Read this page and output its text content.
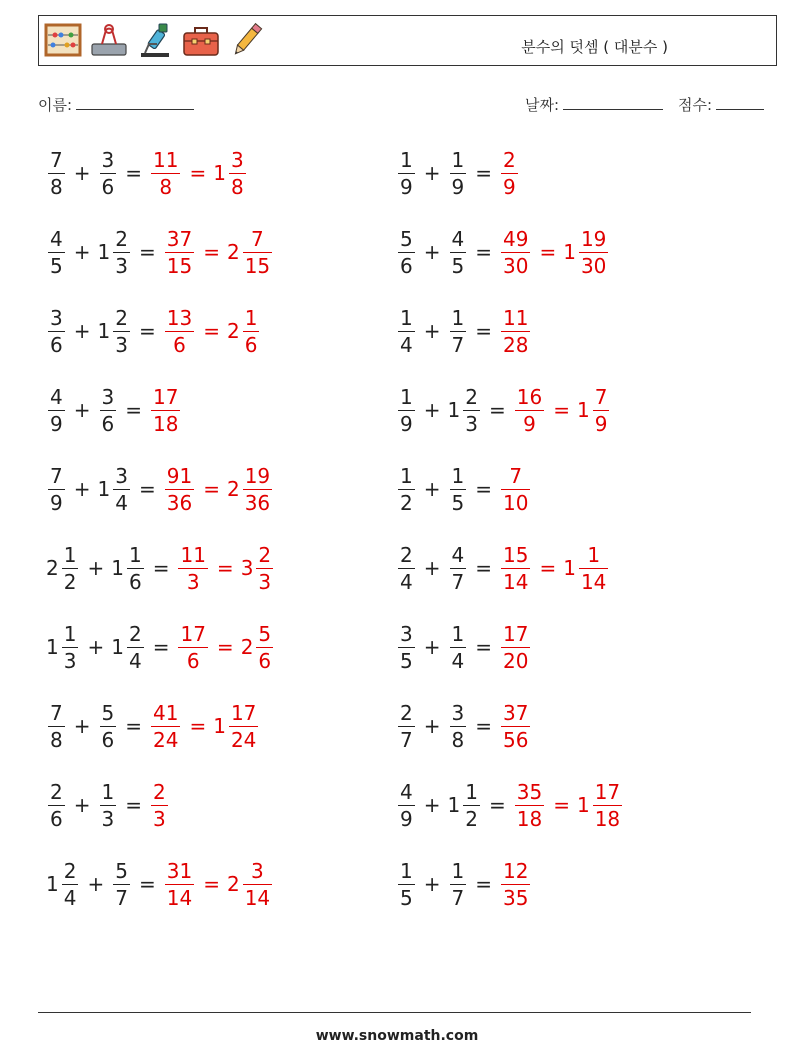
분수의 덧셈 ( 대분수 )
이름:	날짜:	점수:
$\frac{7}{8} + \frac{3}{6} = \frac{11}{8} = 1 \frac{3}{8}$	$\frac{1}{9} + \frac{1}{9} = \frac{2}{9}$
$\frac{4}{5} + 1 \frac{2}{3} = \frac{37}{15} = 2 \frac{7}{15}$	$\frac{5}{6} + \frac{4}{5} = \frac{49}{30} = 1 \frac{19}{30}$
$\frac{3}{6} + 1 \frac{2}{3} = \frac{13}{6} = 2 \frac{1}{6}$	$\frac{1}{4} + \frac{1}{7} = \frac{11}{28}$
$\frac{4}{9} + \frac{3}{6} = \frac{17}{18}$	$\frac{1}{9} + 1 \frac{2}{3} = \frac{16}{9} = 1 \frac{7}{9}$
$\frac{7}{9} + 1 \frac{3}{4} = \frac{91}{36} = 2 \frac{19}{36}$	$\frac{1}{2} + \frac{1}{5} = \frac{7}{10}$
$2 \frac{1}{2} + 1 \frac{1}{6} = \frac{11}{3} = 3 \frac{2}{3}$	$\frac{2}{4} + \frac{4}{7} = \frac{15}{14} = 1 \frac{1}{14}$
$1 \frac{1}{3} + 1 \frac{2}{4} = \frac{17}{6} = 2 \frac{5}{6}$	$\frac{3}{5} + \frac{1}{4} = \frac{17}{20}$
$\frac{7}{8} + \frac{5}{6} = \frac{41}{24} = 1 \frac{17}{24}$	$\frac{2}{7} + \frac{3}{8} = \frac{37}{56}$
$\frac{2}{6} + \frac{1}{3} = \frac{2}{3}$	$\frac{4}{9} + 1 \frac{1}{2} = \frac{35}{18} = 1 \frac{17}{18}$
$1 \frac{2}{4} + \frac{5}{7} = \frac{31}{14} = 2 \frac{3}{14}$	$\frac{1}{5} + \frac{1}{7} = \frac{12}{35}$
www.snowmath.com
